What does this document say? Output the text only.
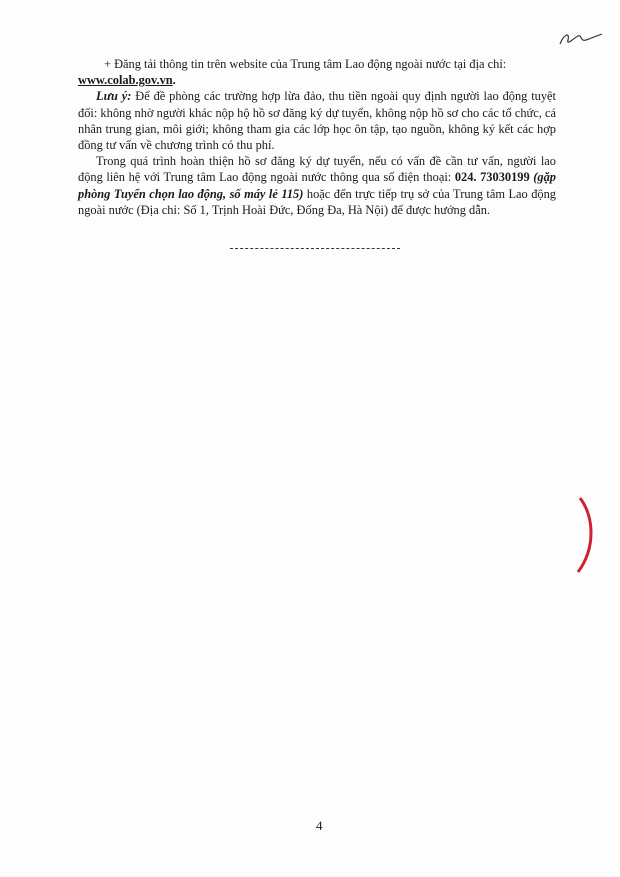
+ Đăng tải thông tin trên website của Trung tâm Lao động ngoài nước tại địa chỉ:
www.colab.gov.vn.

Lưu ý: Để đề phòng các trường hợp lừa đảo, thu tiền ngoài quy định người lao động tuyệt đối: không nhờ người khác nộp hộ hồ sơ đăng ký dự tuyển, không nộp hồ sơ cho các tổ chức, cá nhân trung gian, môi giới; không tham gia các lớp học ôn tập, tạo nguồn, không ký kết các hợp đồng tư vấn về chương trình có thu phí.

Trong quá trình hoàn thiện hồ sơ đăng ký dự tuyển, nếu có vấn đề cần tư vấn, người lao động liên hệ với Trung tâm Lao động ngoài nước thông qua số điện thoại: 024. 73030199 (gặp phòng Tuyển chọn lao động, số máy lẻ 115) hoặc đến trực tiếp trụ sở của Trung tâm Lao động ngoài nước (Địa chỉ: Số 1, Trịnh Hoài Đức, Đống Đa, Hà Nội) để được hướng dẫn.

·
4
